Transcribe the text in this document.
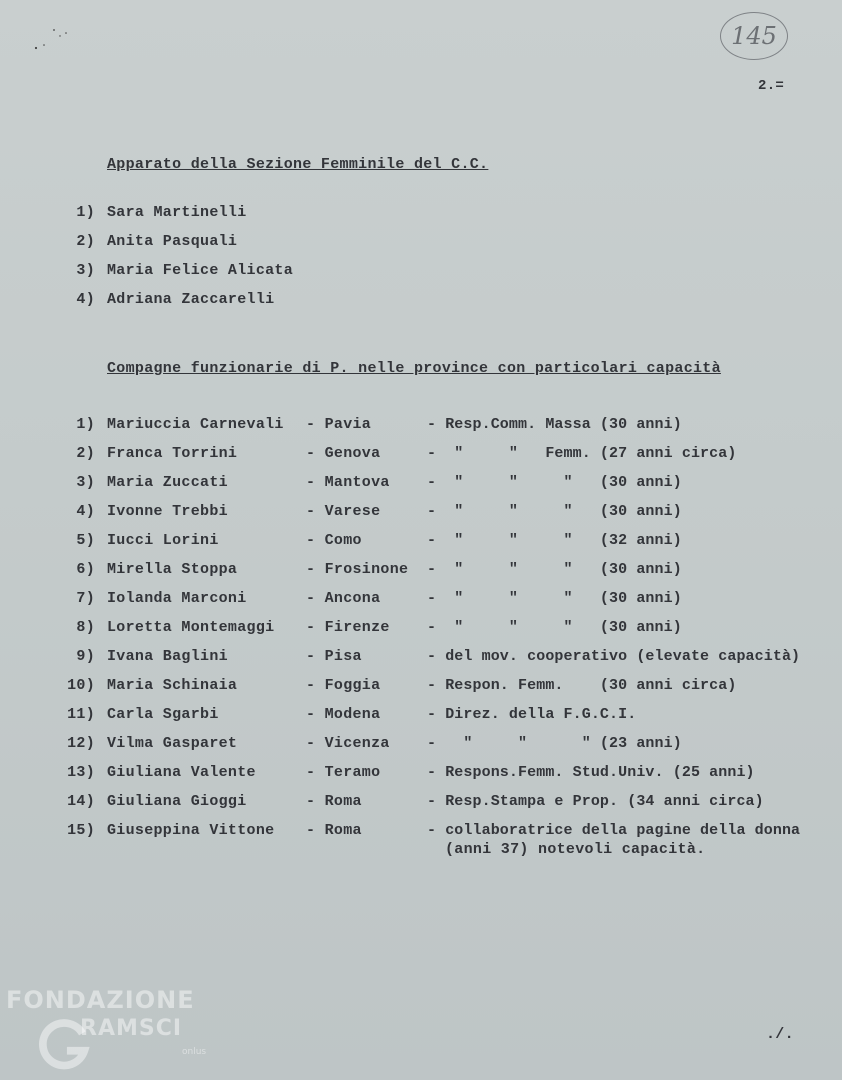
145
2.=
Apparato della Sezione Femminile del C.C.
1) Sara Martinelli
2) Anita Pasquali
3) Maria Felice Alicata
4) Adriana Zaccarelli
Compagne funzionarie di P. nelle province con particolari capacità
1) Mariuccia Carnevali - Pavia	- Resp.Comm. Massa (30 anni)
2) Franca Torrini	- Genova	-  "     "   Femm. (27 anni circa)
3) Maria Zuccati	- Mantova -  "     "     "   (30 anni)
4) Ivonne Trebbi	- Varese	-  "     "     "   (30 anni)
5) Iucci Lorini	- Como	-  "     "     "   (32 anni)
6) Mirella Stoppa	- Frosinone -  "     "     "   (30 anni)
7) Iolanda Marconi	- Ancona	-  "     "     "   (30 anni)
8) Loretta Montemaggi - Firenze -  "     "     "   (30 anni)
9) Ivana Baglini	- Pisa	- del mov. cooperativo (elevate capacità)
10) Maria Schinaia	- Foggia	- Respon. Femm.    (30 anni circa)
11) Carla Sgarbi	- Modena	- Direz. della F.G.C.I.
12) Vilma Gasparet	- Vicenza -   "     "      " (23 anni)
13) Giuliana Valente	- Teramo	- Respons.Femm. Stud.Univ. (25 anni)
14) Giuliana Gioggi	- Roma	- Resp.Stampa e Prop. (34 anni circa)
15) Giuseppina Vittone - Roma	- collaboratrice della pagine della donna
(anni 37) notevoli capacità.
./.
FONDAZIONE
RAMSCI
onlus
